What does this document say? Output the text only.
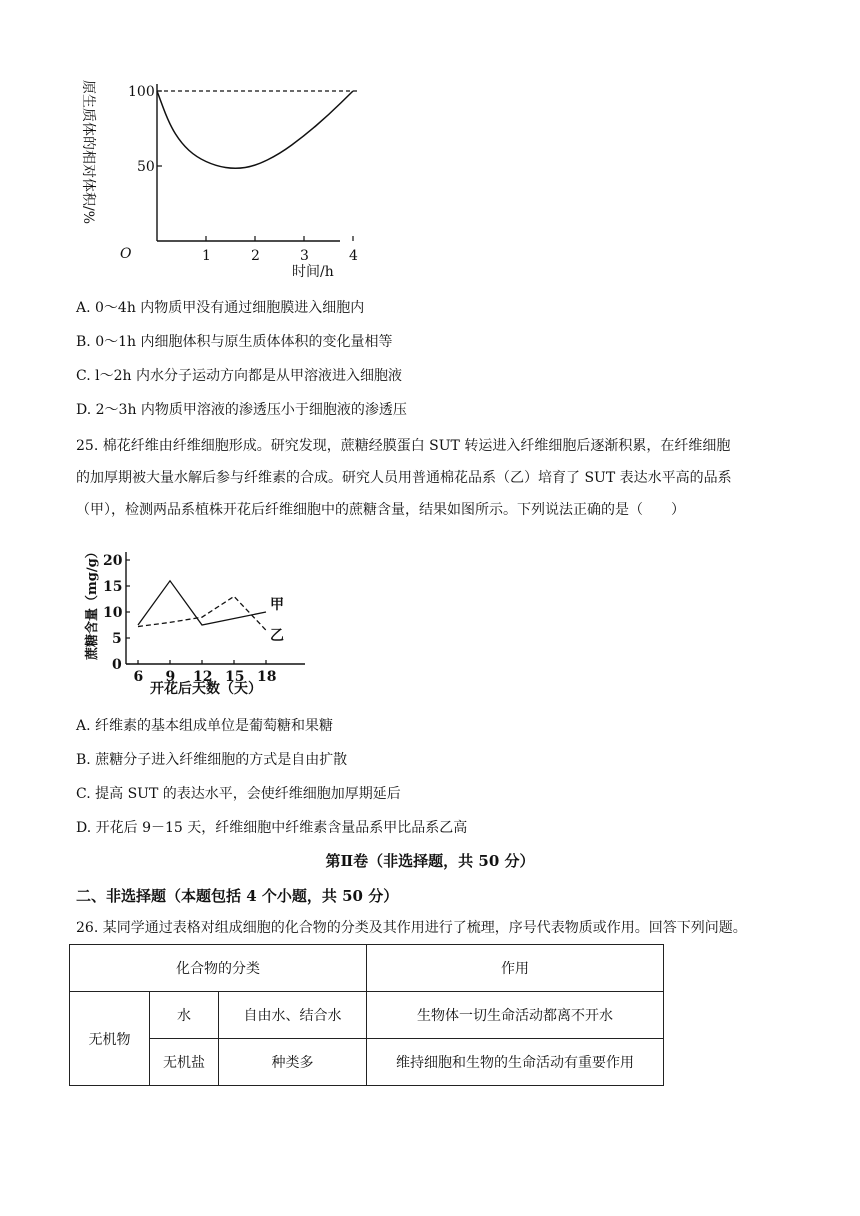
原生质体的相对体积/%
O
时间/h
1	2	3	4
50
100
A. 0～4h 内物质甲没有通过细胞膜进入细胞内
B. 0～1h 内细胞体积与原生质体体积的变化量相等
C. l～2h 内水分子运动方向都是从甲溶液进入细胞液
D. 2～3h 内物质甲溶液的渗透压小于细胞液的渗透压
25. 棉花纤维由纤维细胞形成。研究发现，蔗糖经膜蛋白 SUT 转运进入纤维细胞后逐渐积累，在纤维细胞
的加厚期被大量水解后参与纤维素的合成。研究人员用普通棉花品系（乙）培育了 SUT 表达水平高的品系
（甲），检测两品系植株开花后纤维细胞中的蔗糖含量，结果如图所示。下列说法正确的是（　　）
蔗糖含量（mg/g）
开花后天数（天）
0
5
10
15
20
6 9 12 15 18
甲
乙
A. 纤维素的基本组成单位是葡萄糖和果糖
B. 蔗糖分子进入纤维细胞的方式是自由扩散
C. 提高 SUT 的表达水平，会使纤维细胞加厚期延后
D. 开花后 9－15 天，纤维细胞中纤维素含量品系甲比品系乙高
第Ⅱ卷（非选择题，共 50 分）
二、非选择题（本题包括 4 个小题，共 50 分）
26. 某同学通过表格对组成细胞的化合物的分类及其作用进行了梳理，序号代表物质或作用。回答下列问题。
化合物的分类			作用
无机物	水	自由水、结合水	生物体一切生命活动都离不开水
	无机盐	种类多	维持细胞和生物的生命活动有重要作用
